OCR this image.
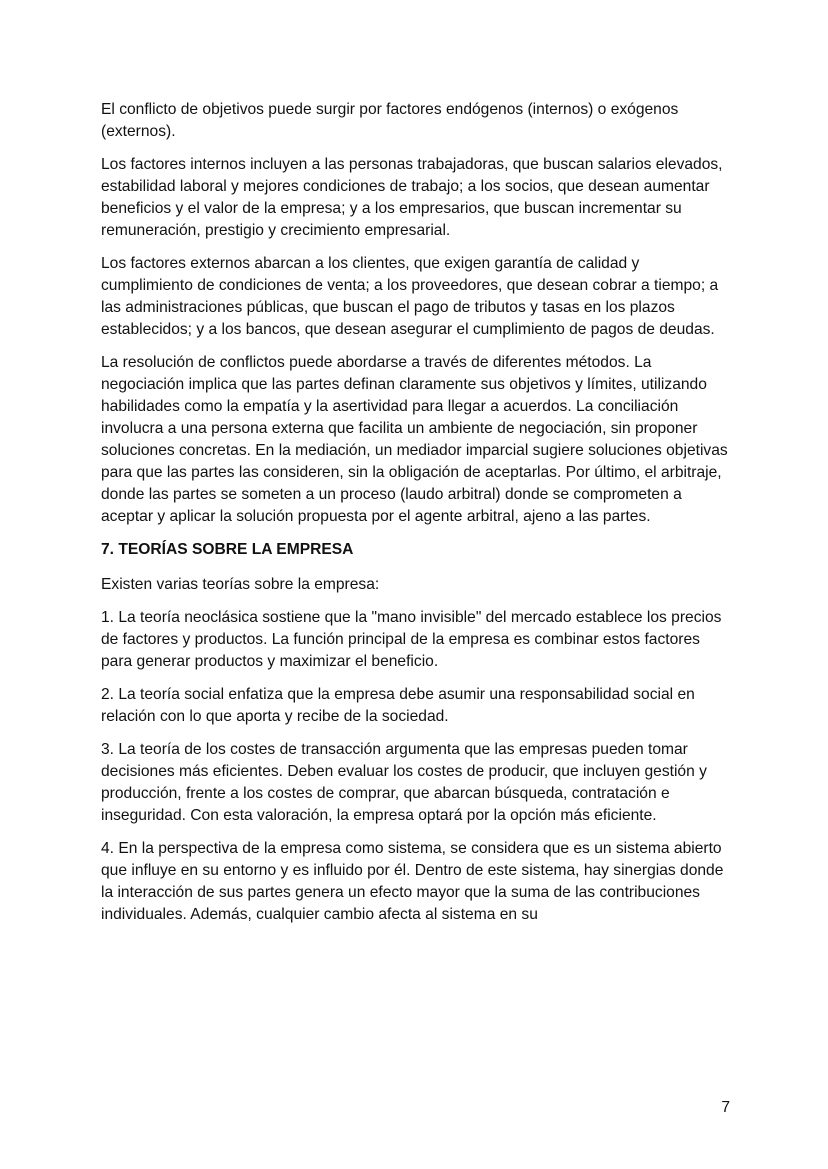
El conflicto de objetivos puede surgir por factores endógenos (internos) o exógenos (externos).

Los factores internos incluyen a las personas trabajadoras, que buscan salarios elevados, estabilidad laboral y mejores condiciones de trabajo; a los socios, que desean aumentar beneficios y el valor de la empresa; y a los empresarios, que buscan incrementar su remuneración, prestigio y crecimiento empresarial.

Los factores externos abarcan a los clientes, que exigen garantía de calidad y cumplimiento de condiciones de venta; a los proveedores, que desean cobrar a tiempo; a las administraciones públicas, que buscan el pago de tributos y tasas en los plazos establecidos; y a los bancos, que desean asegurar el cumplimiento de pagos de deudas.

La resolución de conflictos puede abordarse a través de diferentes métodos. La negociación implica que las partes definan claramente sus objetivos y límites, utilizando habilidades como la empatía y la asertividad para llegar a acuerdos. La conciliación involucra a una persona externa que facilita un ambiente de negociación, sin proponer soluciones concretas. En la mediación, un mediador imparcial sugiere soluciones objetivas para que las partes las consideren, sin la obligación de aceptarlas. Por último, el arbitraje, donde las partes se someten a un proceso (laudo arbitral) donde se comprometen a aceptar y aplicar la solución propuesta por el agente arbitral, ajeno a las partes.

7. TEORÍAS SOBRE LA EMPRESA

Existen varias teorías sobre la empresa:

1. La teoría neoclásica sostiene que la "mano invisible" del mercado establece los precios de factores y productos. La función principal de la empresa es combinar estos factores para generar productos y maximizar el beneficio.

2. La teoría social enfatiza que la empresa debe asumir una responsabilidad social en relación con lo que aporta y recibe de la sociedad.

3. La teoría de los costes de transacción argumenta que las empresas pueden tomar decisiones más eficientes. Deben evaluar los costes de producir, que incluyen gestión y producción, frente a los costes de comprar, que abarcan búsqueda, contratación e inseguridad. Con esta valoración, la empresa optará por la opción más eficiente.

4. En la perspectiva de la empresa como sistema, se considera que es un sistema abierto que influye en su entorno y es influido por él. Dentro de este sistema, hay sinergias donde la interacción de sus partes genera un efecto mayor que la suma de las contribuciones individuales. Además, cualquier cambio afecta al sistema en su

7
